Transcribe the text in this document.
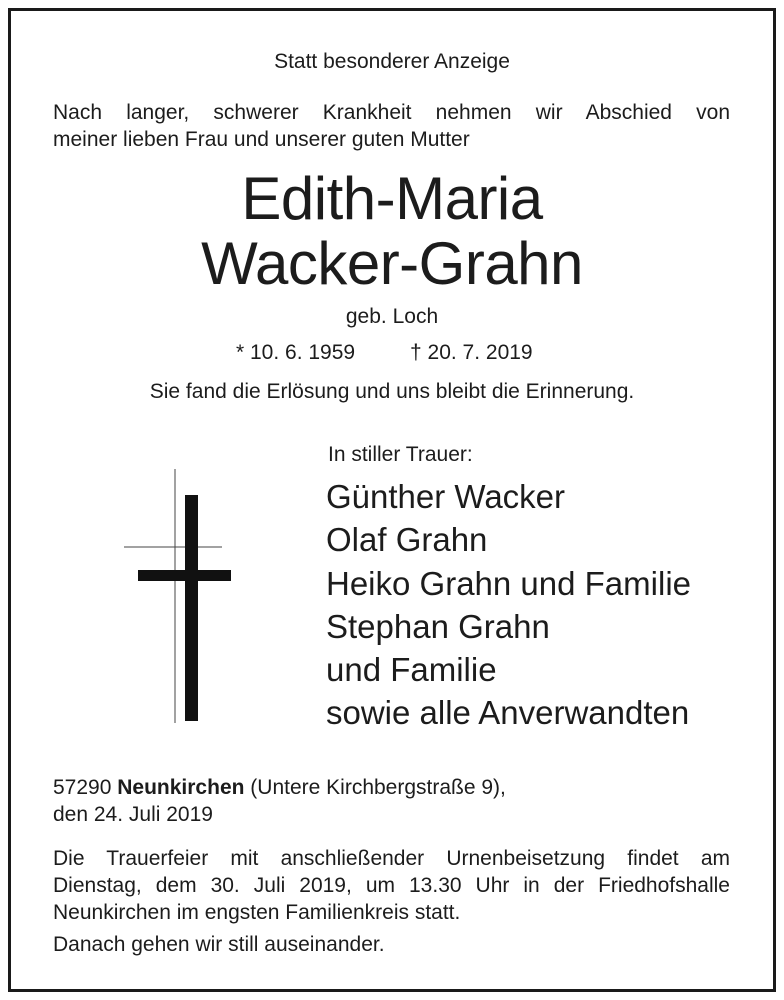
Statt besonderer Anzeige
Nach langer, schwerer Krankheit nehmen wir Abschied von
meiner lieben Frau und unserer guten Mutter
Edith-Maria
Wacker-Grahn
geb. Loch
* 10. 6. 1959	† 20. 7. 2019
Sie fand die Erlösung und uns bleibt die Erinnerung.
In stiller Trauer:
Günther Wacker
Olaf Grahn
Heiko Grahn und Familie
Stephan Grahn
und Familie
sowie alle Anverwandten
57290 Neunkirchen (Untere Kirchbergstraße 9),
den 24. Juli 2019
Die Trauerfeier mit anschließender Urnenbeisetzung findet am
Dienstag, dem 30. Juli 2019, um 13.30 Uhr in der Friedhofshalle
Neunkirchen im engsten Familienkreis statt.
Danach gehen wir still auseinander.
